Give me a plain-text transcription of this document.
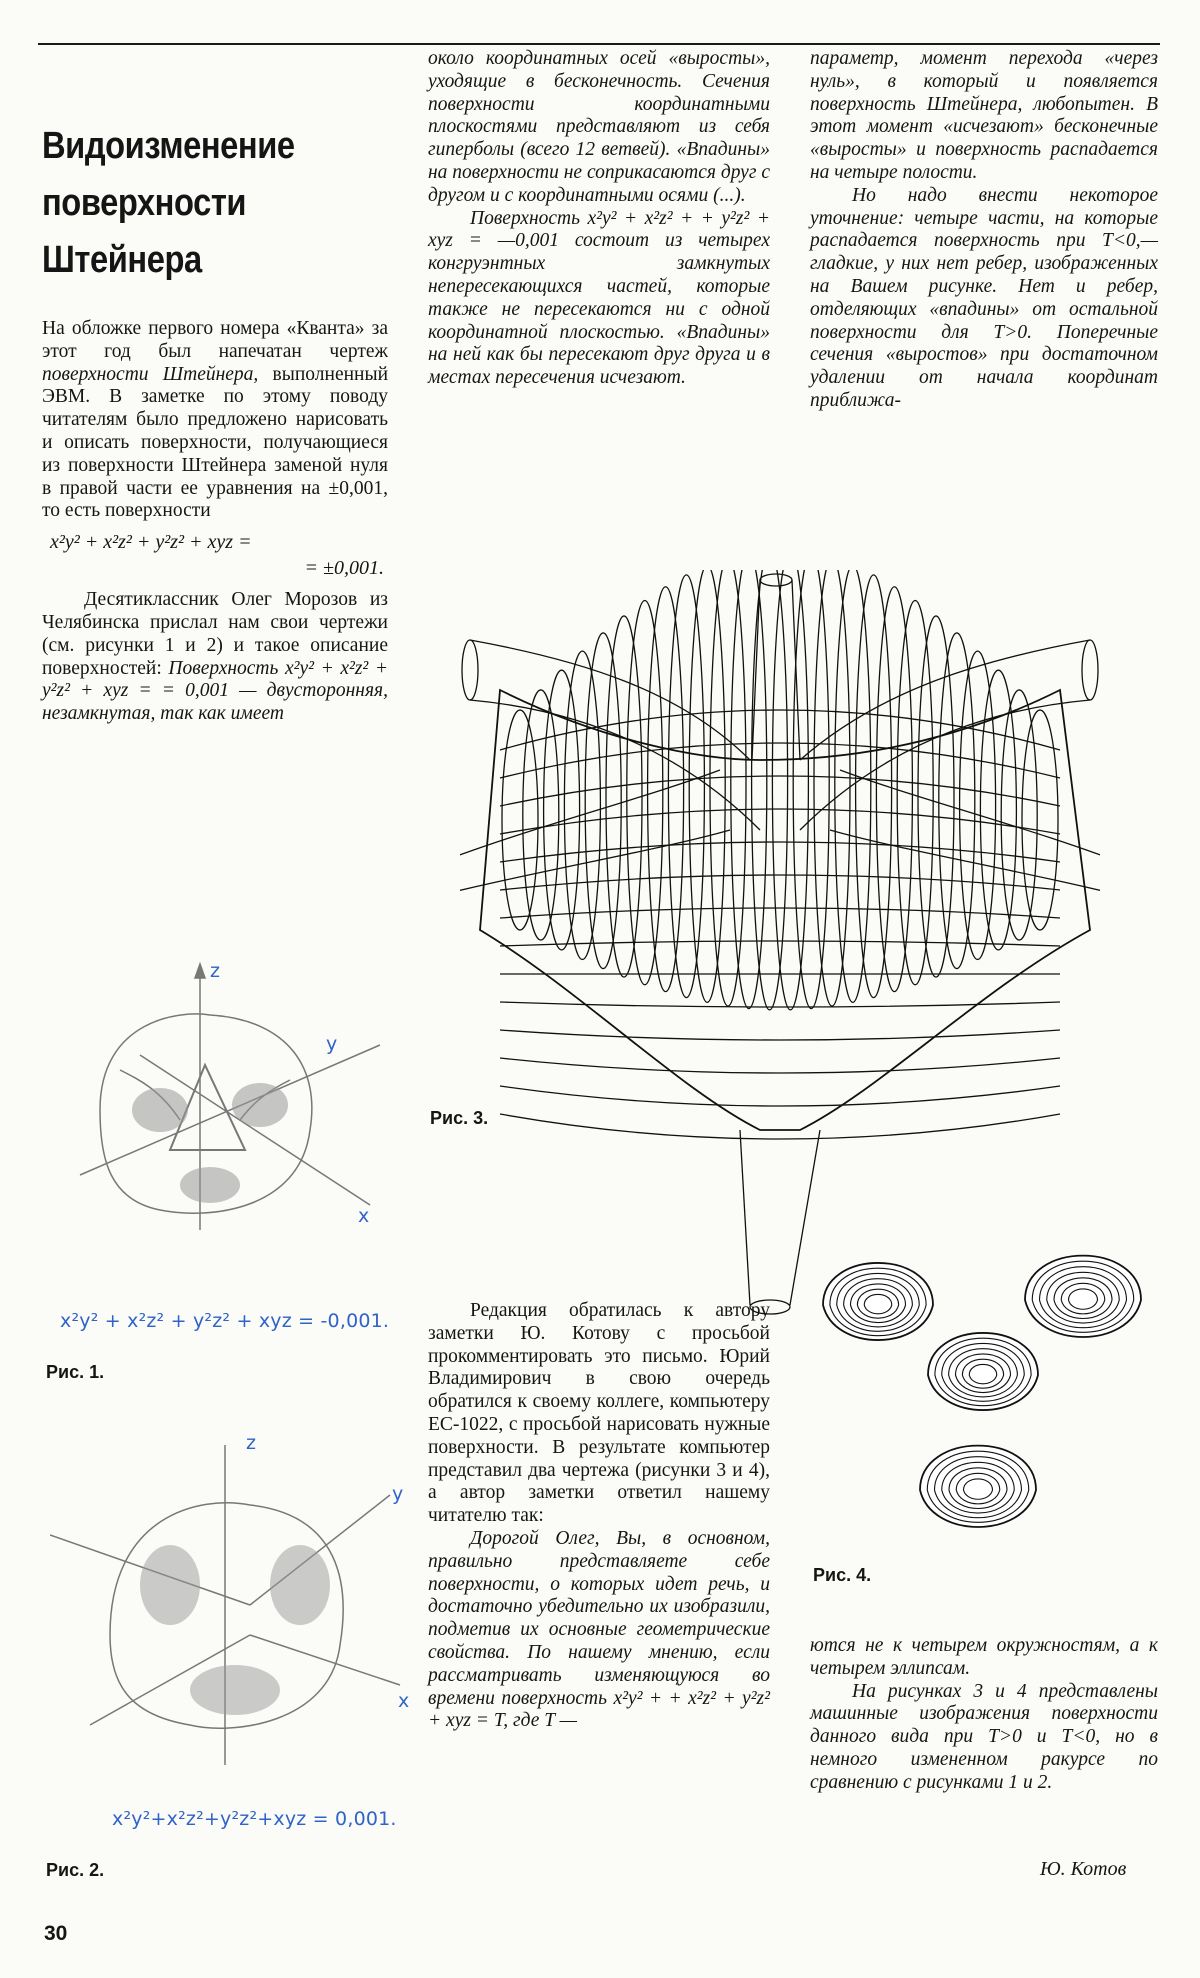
Видоизменение поверхности Штейнера

На обложке первого номера «Кванта» за этот год был напечатан чертеж поверхности Штейнера, выполненный ЭВМ. В заметке по этому поводу читателям было предложено нарисовать и описать поверхности, получающиеся из поверхности Штейнера заменой нуля в правой части ее уравнения на ±0,001, то есть поверхности

x²y² + x²z² + y²z² + xyz =
= ±0,001.

Десятиклассник Олег Морозов из Челябинска прислал нам свои чертежи (см. рисунки 1 и 2) и такое описание поверхностей: Поверхность x²y² + x²z² + y²z² + xyz = = 0,001 — двусторонняя, незамкнутая, так как имеет

около координатных осей «выросты», уходящие в бесконечность. Сечения поверхности координатными плоскостями представляют из себя гиперболы (всего 12 ветвей). «Впадины» на поверхности не соприкасаются друг с другом и с координатными осями (...).

Поверхность x²y² + x²z² + + y²z² + xyz = —0,001 состоит из четырех конгруэнтных замкнутых непересекающихся частей, которые также не пересекаются ни с одной координатной плоскостью. «Впадины» на ней как бы пересекают друг друга и в местах пересечения исчезают.

Редакция обратилась к автору заметки Ю. Котову с просьбой прокомментировать это письмо. Юрий Владимирович в свою очередь обратился к своему коллеге, компьютеру ЕС-1022, с просьбой нарисовать нужные поверхности. В результате компьютер представил два чертежа (рисунки 3 и 4), а автор заметки ответил нашему читателю так:

Дорогой Олег, Вы, в основном, правильно представляете себе поверхности, о которых идет речь, и достаточно убедительно их изобразили, подметив их основные геометрические свойства. По нашему мнению, если рассматривать изменяющуюся во времени поверхность x²y² + + x²z² + y²z² + xyz = T, где T —

параметр, момент перехода «через нуль», в который и появляется поверхность Штейнера, любопытен. В этот момент «исчезают» бесконечные «выросты» и поверхность распадается на четыре полости.

Но надо внести некоторое уточнение: четыре части, на которые распадается поверхность при T<0,— гладкие, у них нет ребер, изображенных на Вашем рисунке. Нет и ребер, отделяющих «впадины» от остальной поверхности для T>0. Поперечные сечения «выростов» при достаточном удалении от начала координат приближа-

ются не к четырем окружностям, а к четырем эллипсам.

На рисунках 3 и 4 представлены машинные изображения поверхности данного вида при T>0 и T<0, но в немного измененном ракурсе по сравнению с рисунками 1 и 2.

Ю. Котов
30
z
y
x
x²y² + x²z² + y²z² + xyz = -0,001.
Рис. 1.
z
y
x
x²y²+x²z²+y²z²+xyz = 0,001.
Рис. 2.
Рис. 3.
Рис. 4.
